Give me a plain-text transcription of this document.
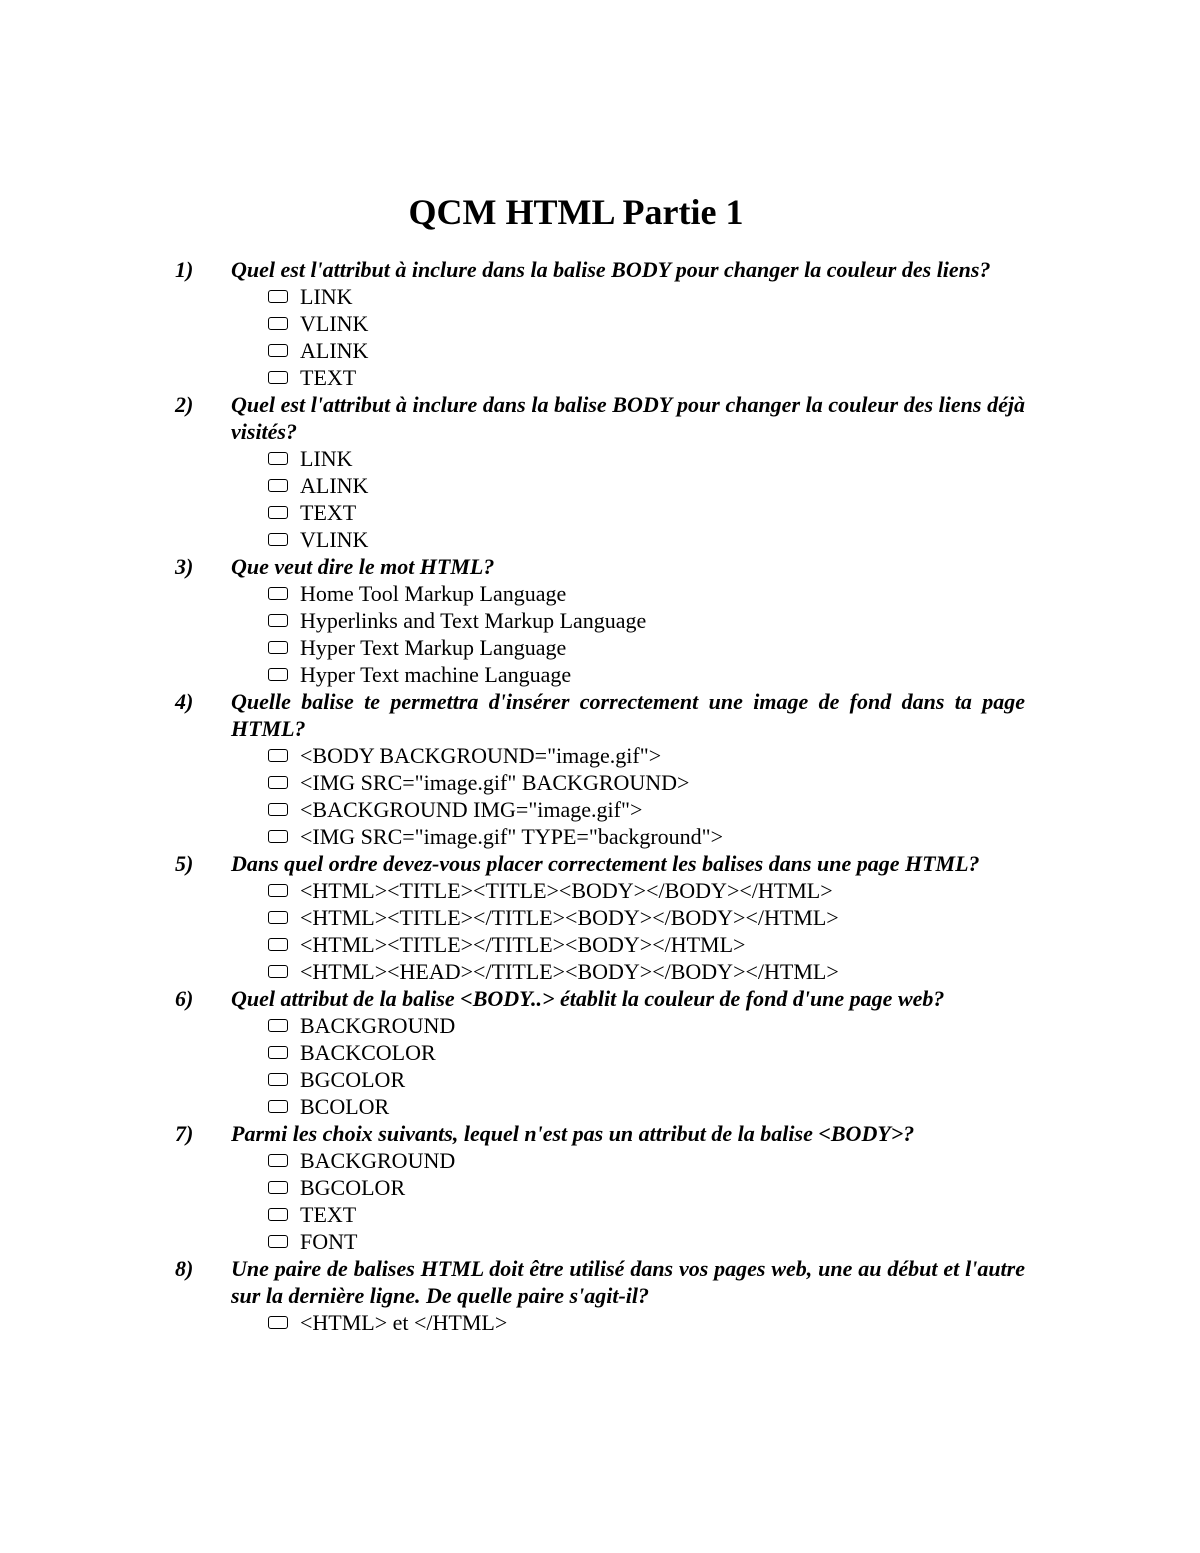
QCM HTML Partie 1
1) Quel est l'attribut à inclure dans la balise BODY pour changer la couleur des liens?
LINK
VLINK
ALINK
TEXT
2) Quel est l'attribut à inclure dans la balise BODY pour changer la couleur des liens déjà visités?
LINK
ALINK
TEXT
VLINK
3) Que veut dire le mot HTML?
Home Tool Markup Language
Hyperlinks and Text Markup Language
Hyper Text Markup Language
Hyper Text machine Language
4) Quelle balise te permettra d'insérer correctement une image de fond dans ta page HTML?
<BODY BACKGROUND="image.gif">
<IMG SRC="image.gif" BACKGROUND>
<BACKGROUND IMG="image.gif">
<IMG SRC="image.gif" TYPE="background">
5) Dans quel ordre devez-vous placer correctement les balises dans une page HTML?
<HTML><TITLE><TITLE><BODY></BODY></HTML>
<HTML><TITLE></TITLE><BODY></BODY></HTML>
<HTML><TITLE></TITLE><BODY></HTML>
<HTML><HEAD></TITLE><BODY></BODY></HTML>
6) Quel attribut de la balise <BODY..> établit la couleur de fond d'une page web?
BACKGROUND
BACKCOLOR
BGCOLOR
BCOLOR
7) Parmi les choix suivants, lequel n'est pas un attribut de la balise <BODY>?
BACKGROUND
BGCOLOR
TEXT
FONT
8) Une paire de balises HTML doit être utilisé dans vos pages web, une au début et l'autre sur la dernière ligne. De quelle paire s'agit-il?
<HTML> et </HTML>
